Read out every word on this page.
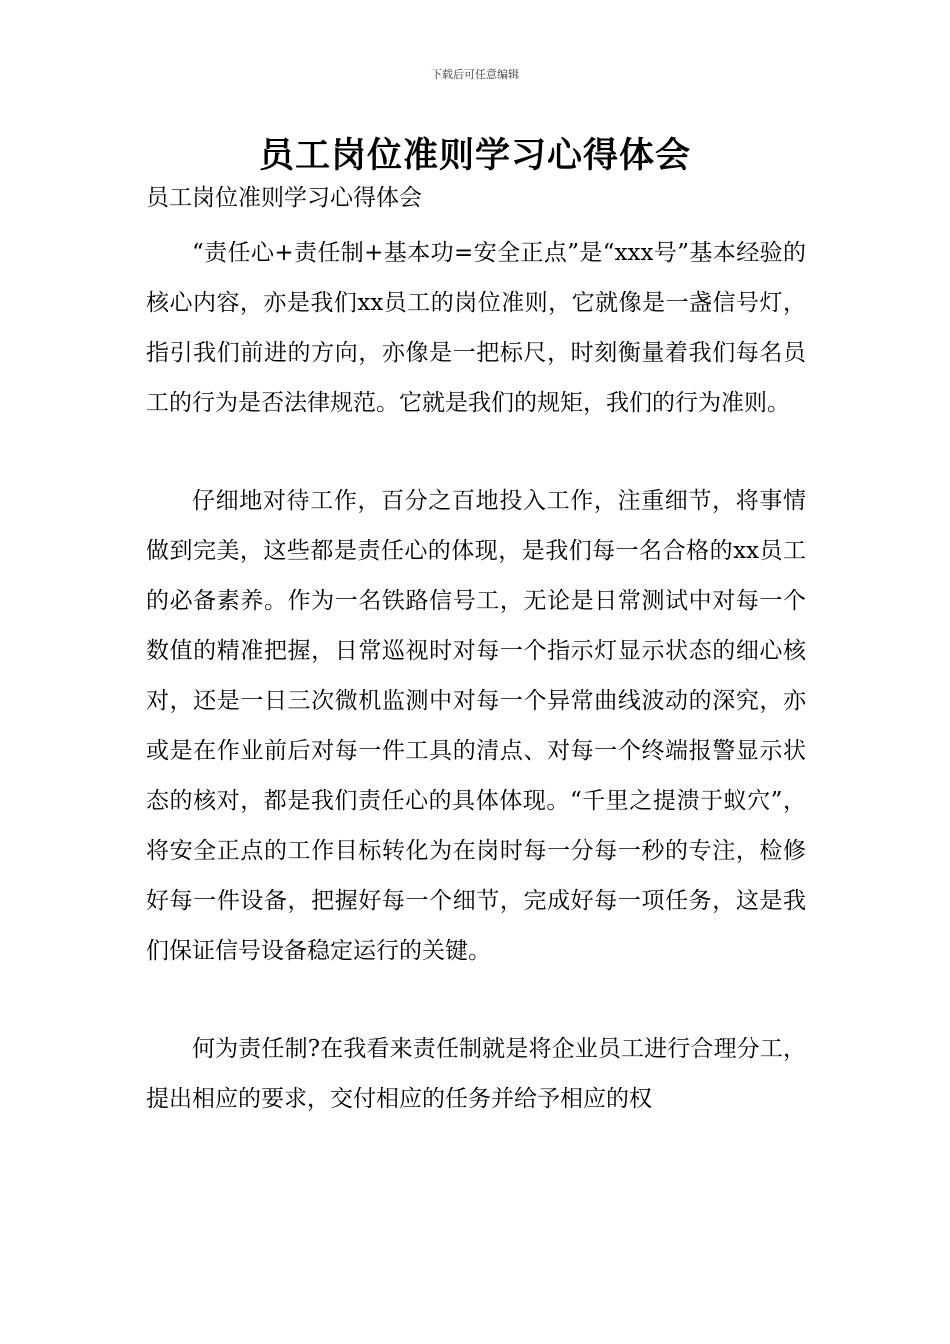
下载后可任意编辑
员工岗位准则学习心得体会
员工岗位准则学习心得体会

“责任心+责任制+基本功=安全正点”是“xxx号”基本经验的核心内容，亦是我们xx员工的岗位准则，它就像是一盏信号灯，指引我们前进的方向，亦像是一把标尺，时刻衡量着我们每名员工的行为是否法律规范。它就是我们的规矩，我们的行为准则。

仔细地对待工作，百分之百地投入工作，注重细节，将事情做到完美，这些都是责任心的体现，是我们每一名合格的xx员工的必备素养。作为一名铁路信号工，无论是日常测试中对每一个数值的精准把握，日常巡视时对每一个指示灯显示状态的细心核对，还是一日三次微机监测中对每一个异常曲线波动的深究，亦或是在作业前后对每一件工具的清点、对每一个终端报警显示状态的核对，都是我们责任心的具体体现。“千里之提溃于蚁穴”，将安全正点的工作目标转化为在岗时每一分每一秒的专注，检修好每一件设备，把握好每一个细节，完成好每一项任务，这是我们保证信号设备稳定运行的关键。

何为责任制?在我看来责任制就是将企业员工进行合理分工，提出相应的要求，交付相应的任务并给予相应的权
